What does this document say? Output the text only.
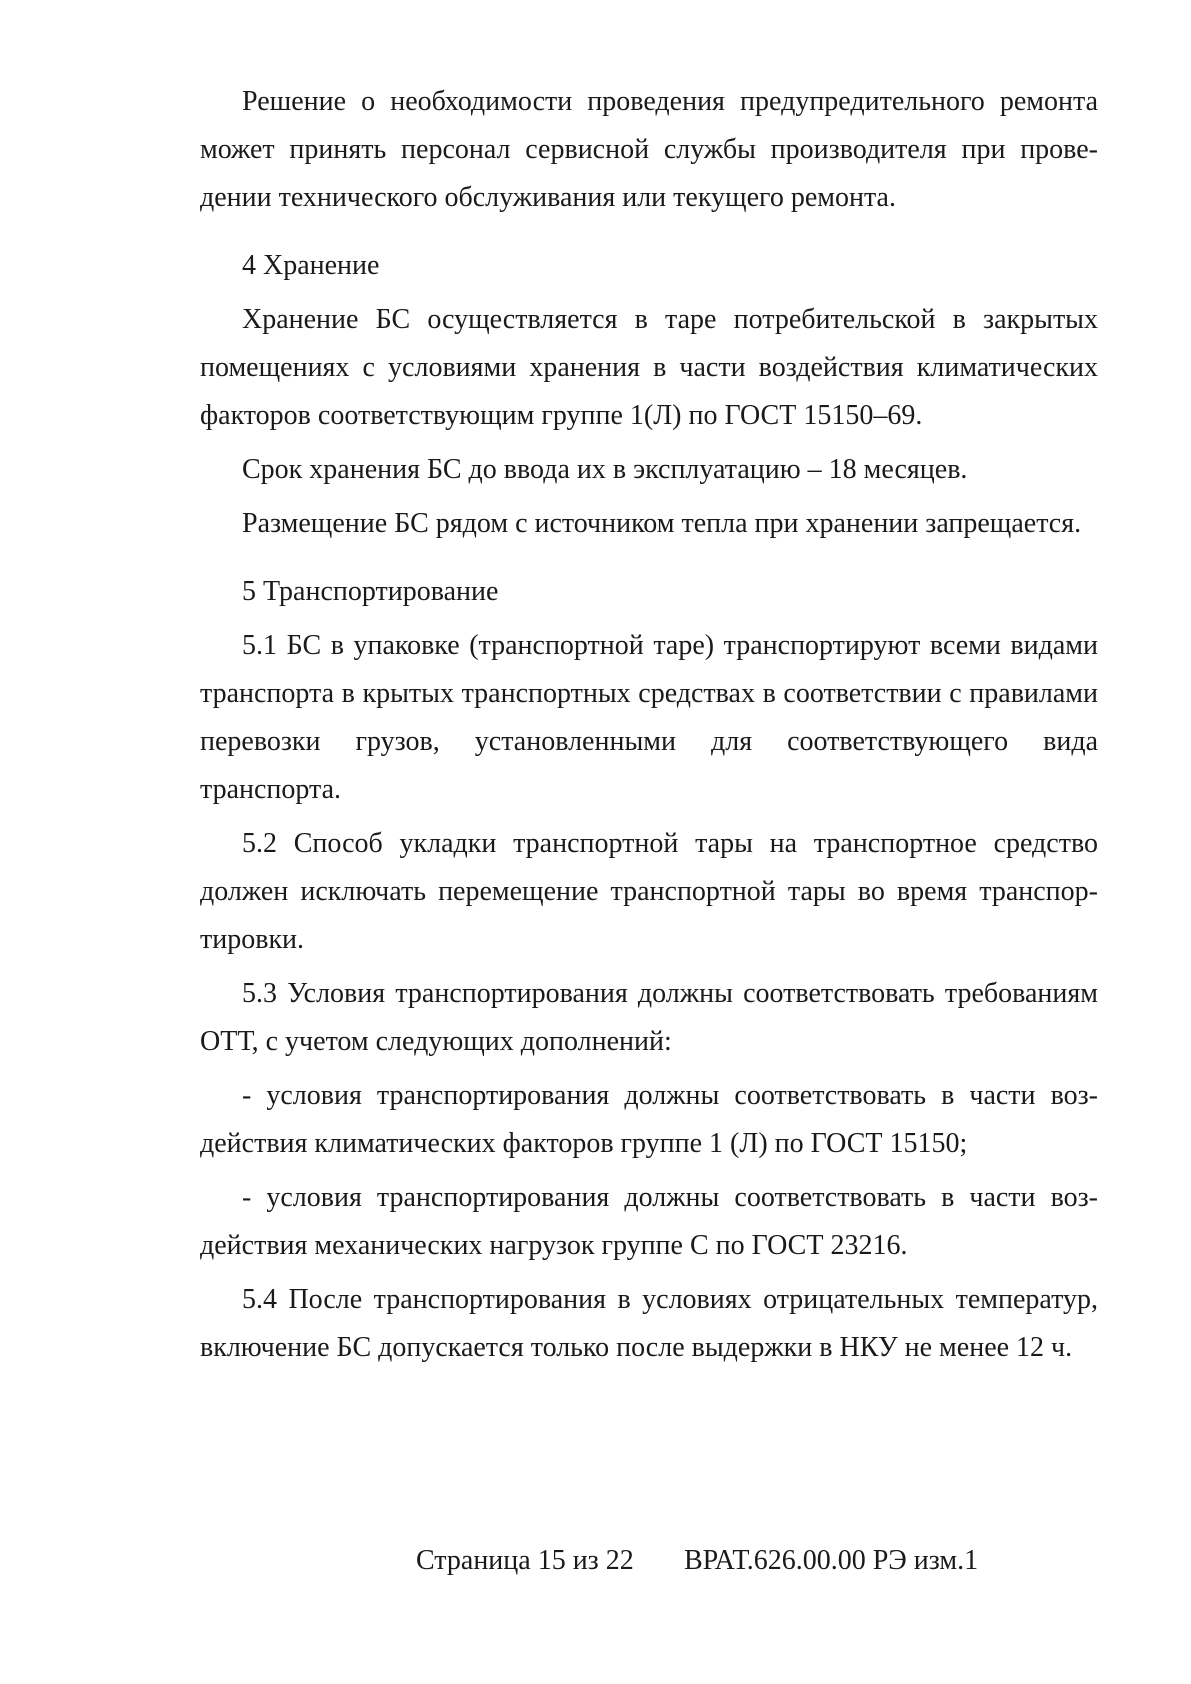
Решение о необходимости проведения предупредительного ремонта может принять персонал сервисной службы производителя при проведении технического обслуживания или текущего ремонта.

4 Хранение

Хранение БС осуществляется в таре потребительской в закрытых помещениях с условиями хранения в части воздействия климатических факторов соответствующим группе 1(Л) по ГОСТ 15150–69.

Срок хранения БС до ввода их в эксплуатацию – 18 месяцев.

Размещение БС рядом с источником тепла при хранении запрещается.

5 Транспортирование

5.1 БС в упаковке (транспортной таре) транспортируют всеми видами транспорта в крытых транспортных средствах в соответствии с правилами перевозки грузов, установленными для соответствующего вида транспорта.

5.2 Способ укладки транспортной тары на транспортное средство должен исключать перемещение транспортной тары во время транспортировки.

5.3 Условия транспортирования должны соответствовать требованиям ОТТ, с учетом следующих дополнений:

- условия транспортирования должны соответствовать в части воздействия климатических факторов группе 1 (Л) по ГОСТ 15150;

- условия транспортирования должны соответствовать в части воздействия механических нагрузок группе С по ГОСТ 23216.

5.4 После транспортирования в условиях отрицательных температур, включение БС допускается только после выдержки в НКУ не менее 12 ч.

Страница 15 из 22 ВРАТ.626.00.00 РЭ изм.1
